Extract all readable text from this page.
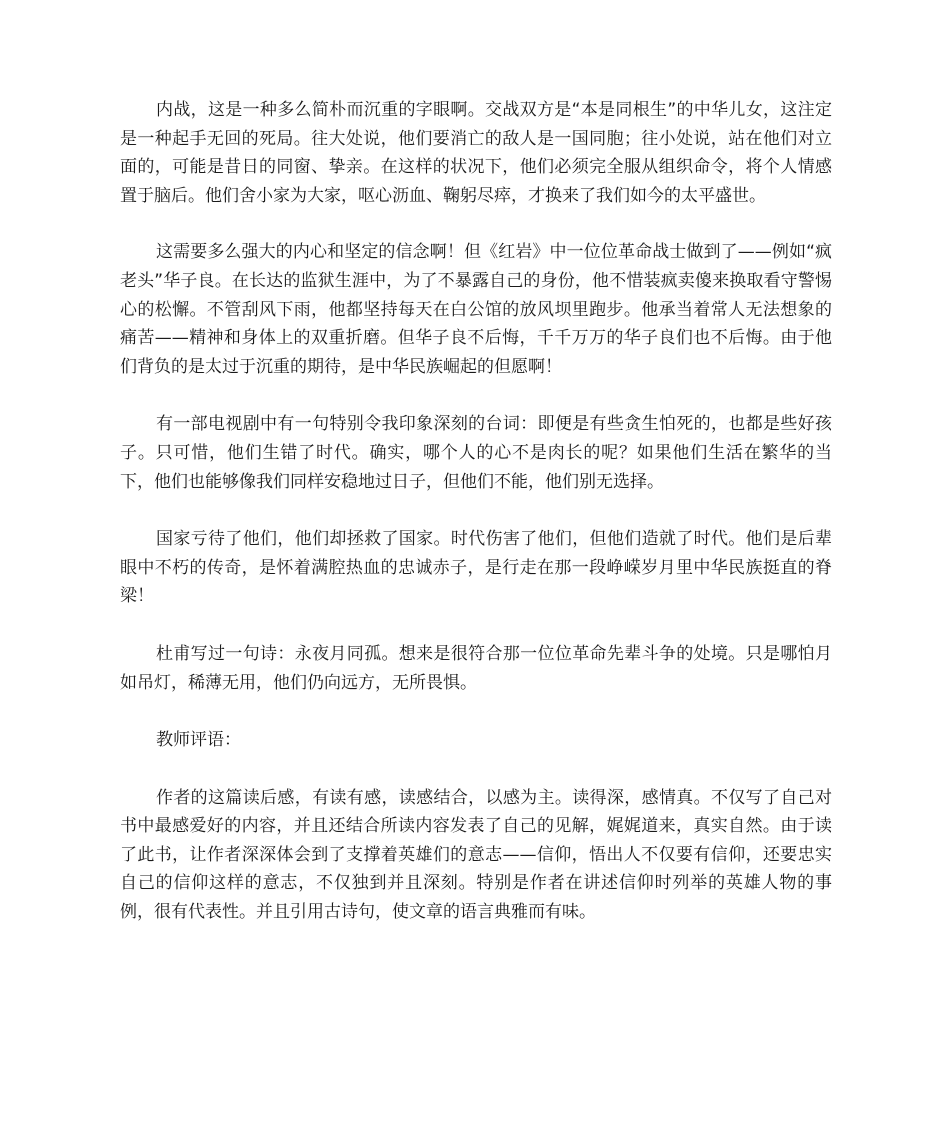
内战，这是一种多么简朴而沉重的字眼啊。交战双方是“本是同根生”的中华儿女，这注定是一种起手无回的死局。往大处说，他们要消亡的敌人是一国同胞；往小处说，站在他们对立面的，可能是昔日的同窗、挚亲。在这样的状况下，他们必须完全服从组织命令，将个人情感置于脑后。他们舍小家为大家，呕心沥血、鞠躬尽瘁，才换来了我们如今的太平盛世。

这需要多么强大的内心和坚定的信念啊！但《红岩》中一位位革命战士做到了——例如“疯老头”华子良。在长达的监狱生涯中，为了不暴露自己的身份，他不惜装疯卖傻来换取看守警惕心的松懈。不管刮风下雨，他都坚持每天在白公馆的放风坝里跑步。他承当着常人无法想象的痛苦——精神和身体上的双重折磨。但华子良不后悔，千千万万的华子良们也不后悔。由于他们背负的是太过于沉重的期待，是中华民族崛起的但愿啊！

有一部电视剧中有一句特别令我印象深刻的台词：即便是有些贪生怕死的，也都是些好孩子。只可惜，他们生错了时代。确实，哪个人的心不是肉长的呢？如果他们生活在繁华的当下，他们也能够像我们同样安稳地过日子，但他们不能，他们别无选择。

国家亏待了他们，他们却拯救了国家。时代伤害了他们，但他们造就了时代。他们是后辈眼中不朽的传奇，是怀着满腔热血的忠诚赤子，是行走在那一段峥嵘岁月里中华民族挺直的脊梁！

杜甫写过一句诗：永夜月同孤。想来是很符合那一位位革命先辈斗争的处境。只是哪怕月如吊灯，稀薄无用，他们仍向远方，无所畏惧。

教师评语：

作者的这篇读后感，有读有感，读感结合，以感为主。读得深，感情真。不仅写了自己对书中最感爱好的内容，并且还结合所读内容发表了自己的见解，娓娓道来，真实自然。由于读了此书，让作者深深体会到了支撑着英雄们的意志——信仰，悟出人不仅要有信仰，还要忠实自己的信仰这样的意志，不仅独到并且深刻。特别是作者在讲述信仰时列举的英雄人物的事例，很有代表性。并且引用古诗句，使文章的语言典雅而有味。
